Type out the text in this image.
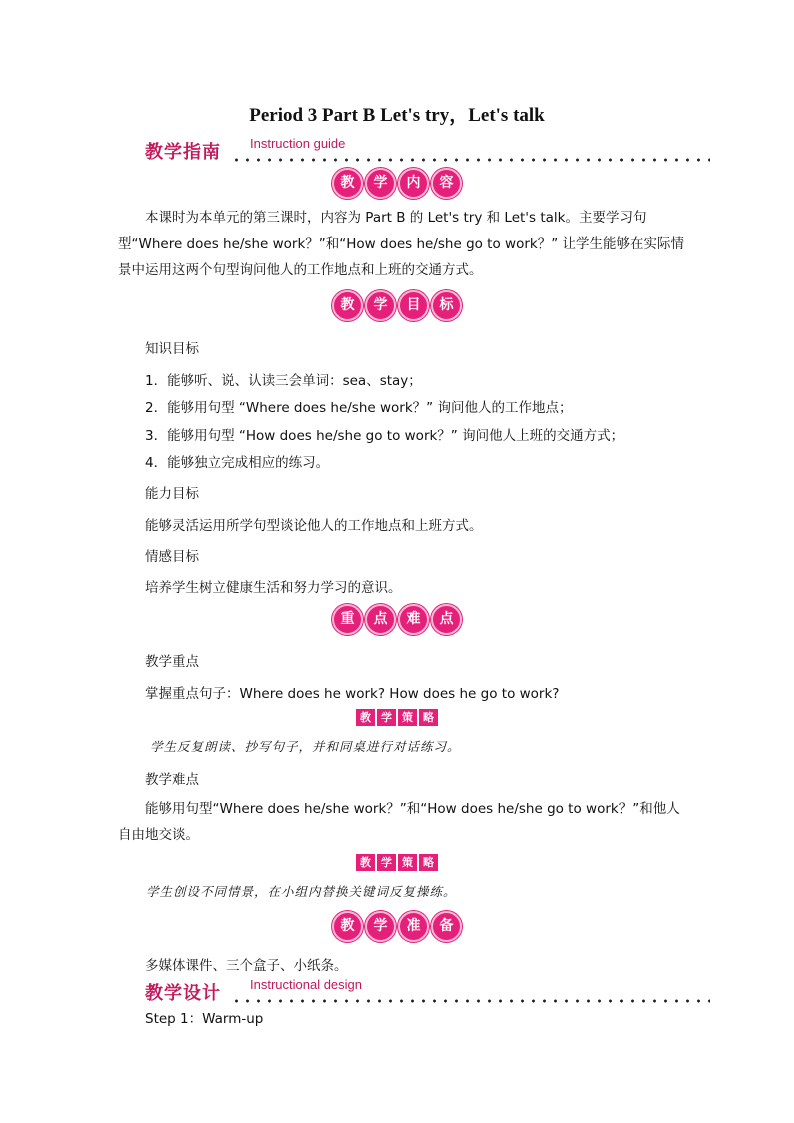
Period 3 Part B Let's try，Let's talk
教学指南 Instruction guide
教 学 内 容
本课时为本单元的第三课时，内容为 Part B 的 Let's try 和 Let's talk。主要学习句型“Where does he/she work？”和“How does he/she go to work？” 让学生能够在实际情景中运用这两个句型询问他人的工作地点和上班的交通方式。
教 学 目 标
知识目标
1．能够听、说、认读三会单词：sea、stay；
2．能够用句型 “Where does he/she work？” 询问他人的工作地点；
3．能够用句型 “How does he/she go to work？” 询问他人上班的交通方式；
4．能够独立完成相应的练习。
能力目标
能够灵活运用所学句型谈论他人的工作地点和上班方式。
情感目标
培养学生树立健康生活和努力学习的意识。
重 点 难 点
教学重点
掌握重点句子：Where does he work? How does he go to work?
教 学 策 略
学生反复朗读、抄写句子，并和同桌进行对话练习。
教学难点
能够用句型“Where does he/she work？”和“How does he/she go to work？”和他人自由地交谈。
教 学 策 略
学生创设不同情景，在小组内替换关键词反复操练。
教 学 准 备
多媒体课件、三个盒子、小纸条。
教学设计 Instructional design
Step 1：Warm-up
